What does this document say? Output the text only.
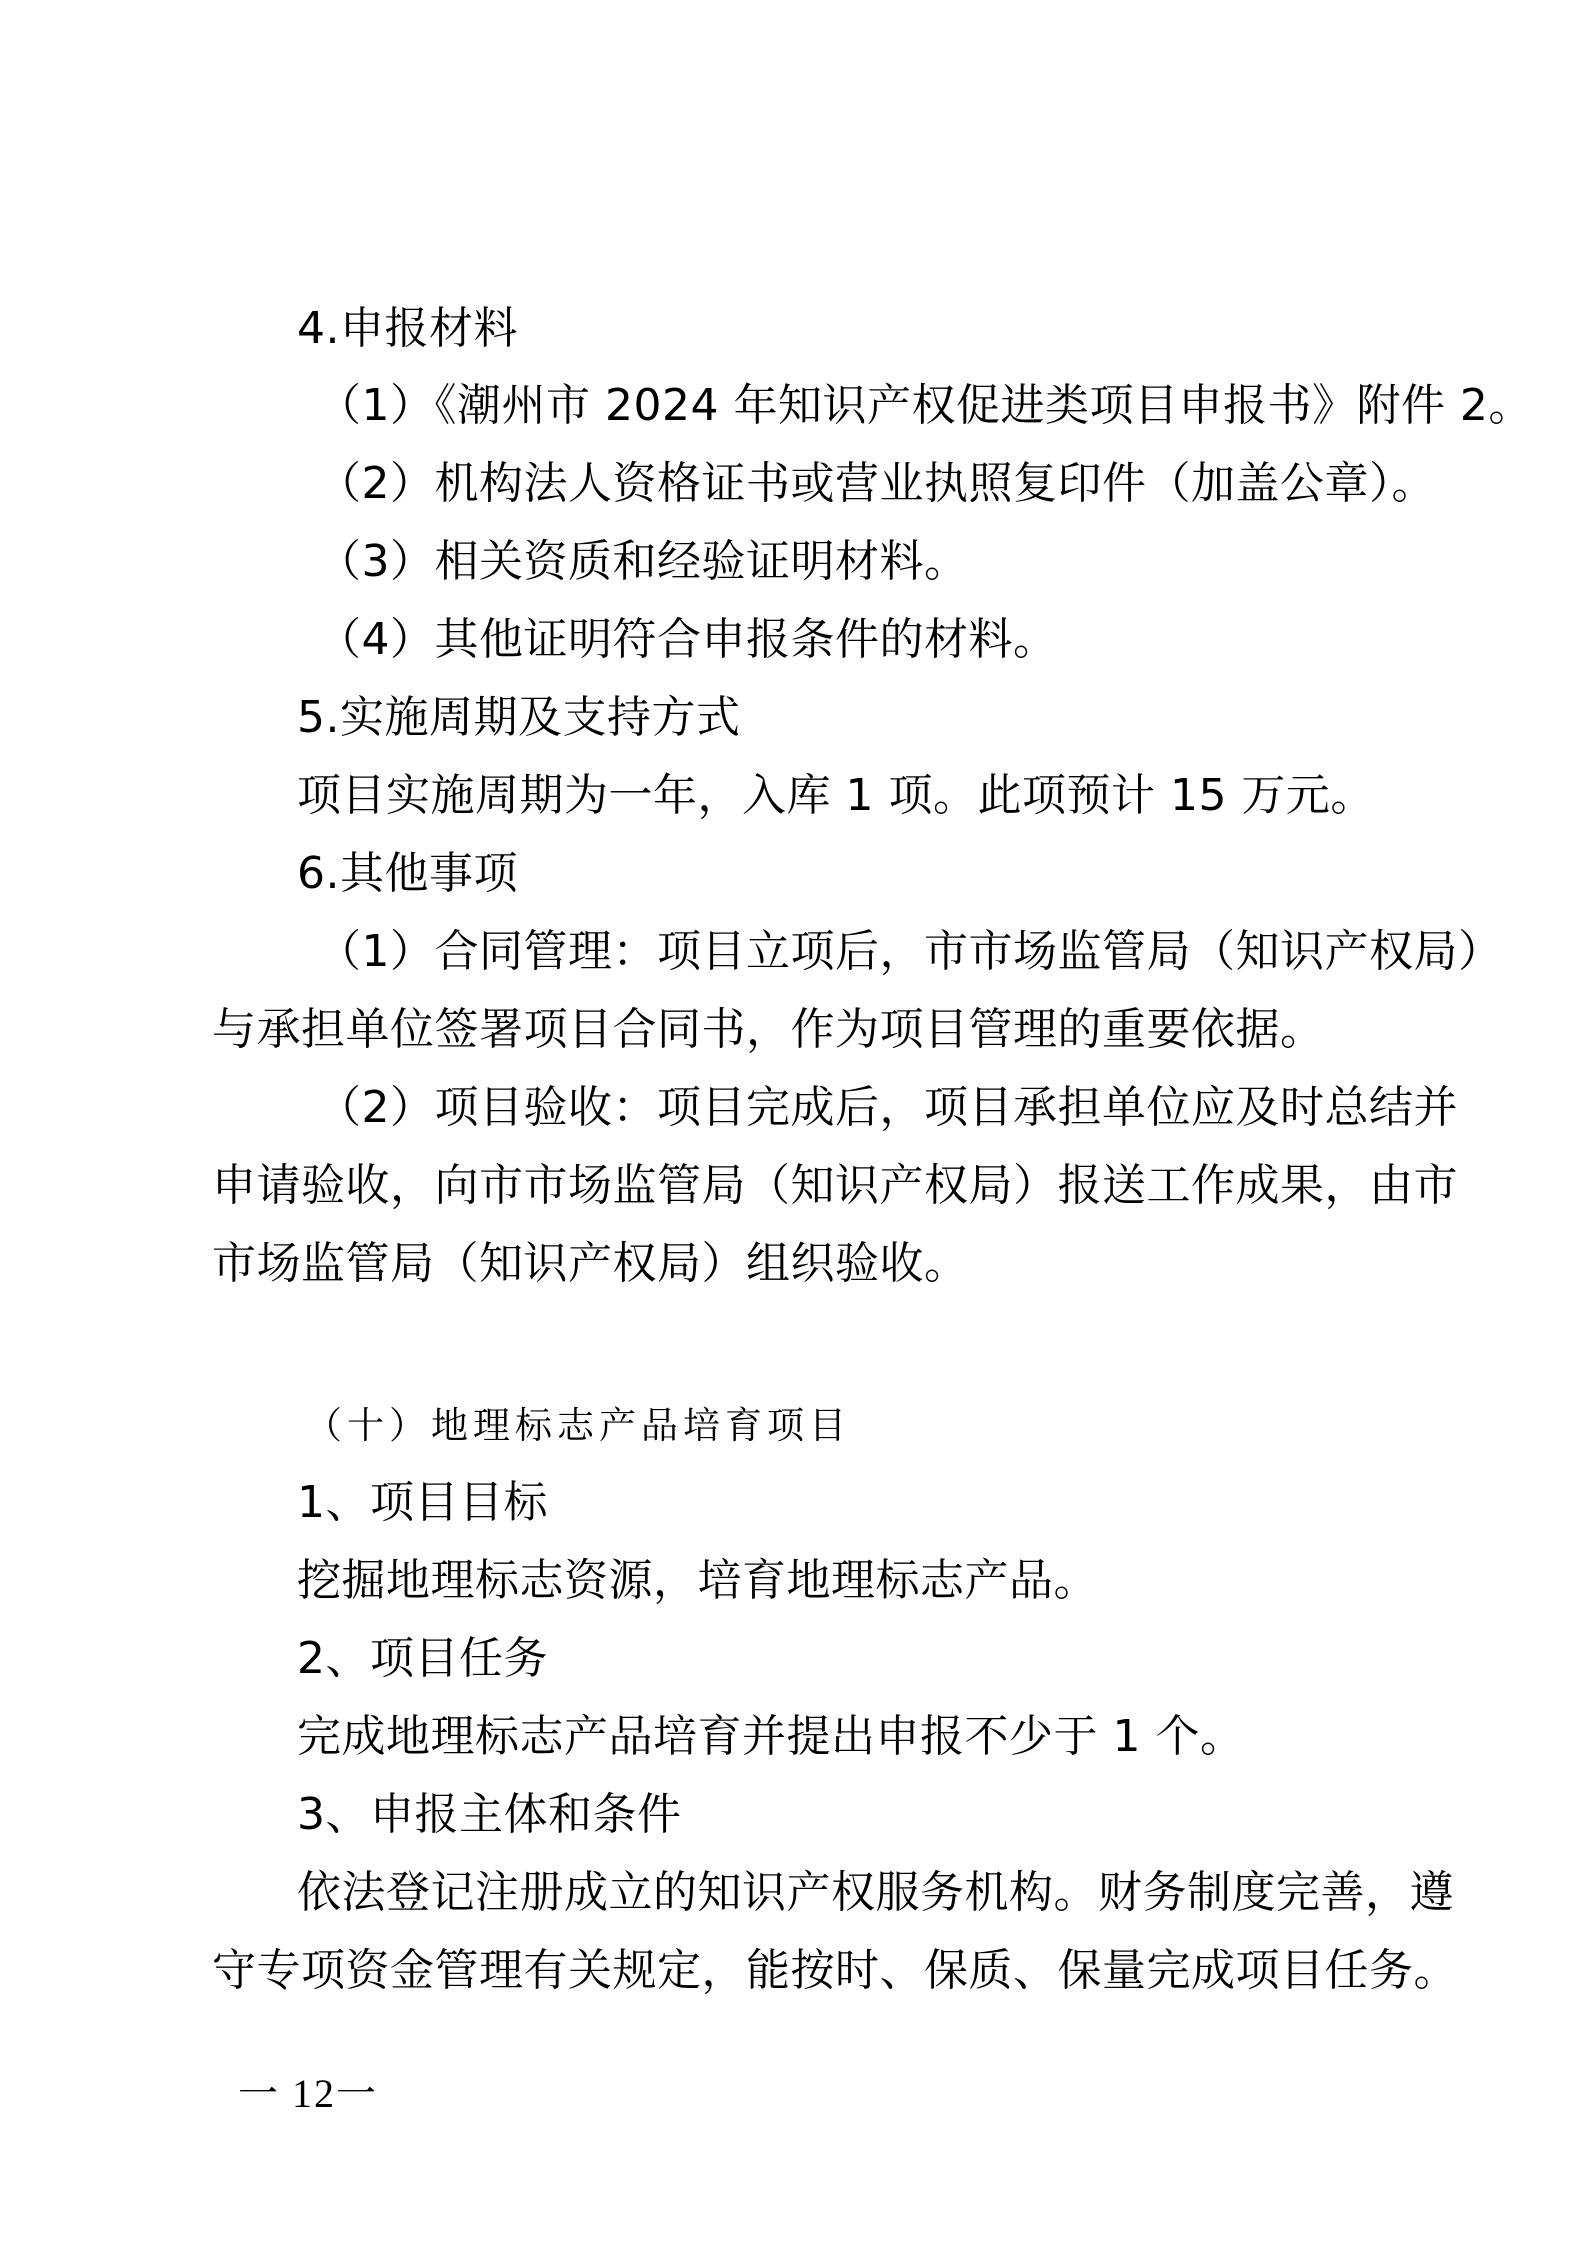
4.申报材料
（1）《潮州市 2024 年知识产权促进类项目申报书》附件 2。
（2）机构法人资格证书或营业执照复印件（加盖公章）。
（3）相关资质和经验证明材料。
（4）其他证明符合申报条件的材料。
5.实施周期及支持方式
项目实施周期为一年，入库 1 项。此项预计 15 万元。
6.其他事项
（1）合同管理：项目立项后，市市场监管局（知识产权局）
与承担单位签署项目合同书，作为项目管理的重要依据。
（2）项目验收：项目完成后，项目承担单位应及时总结并
申请验收，向市市场监管局（知识产权局）报送工作成果，由市
市场监管局（知识产权局）组织验收。
（十）地理标志产品培育项目
1、项目目标
挖掘地理标志资源，培育地理标志产品。
2、项目任务
完成地理标志产品培育并提出申报不少于 1 个。
3、申报主体和条件
依法登记注册成立的知识产权服务机构。财务制度完善，遵
守专项资金管理有关规定，能按时、保质、保量完成项目任务。
一 12一
